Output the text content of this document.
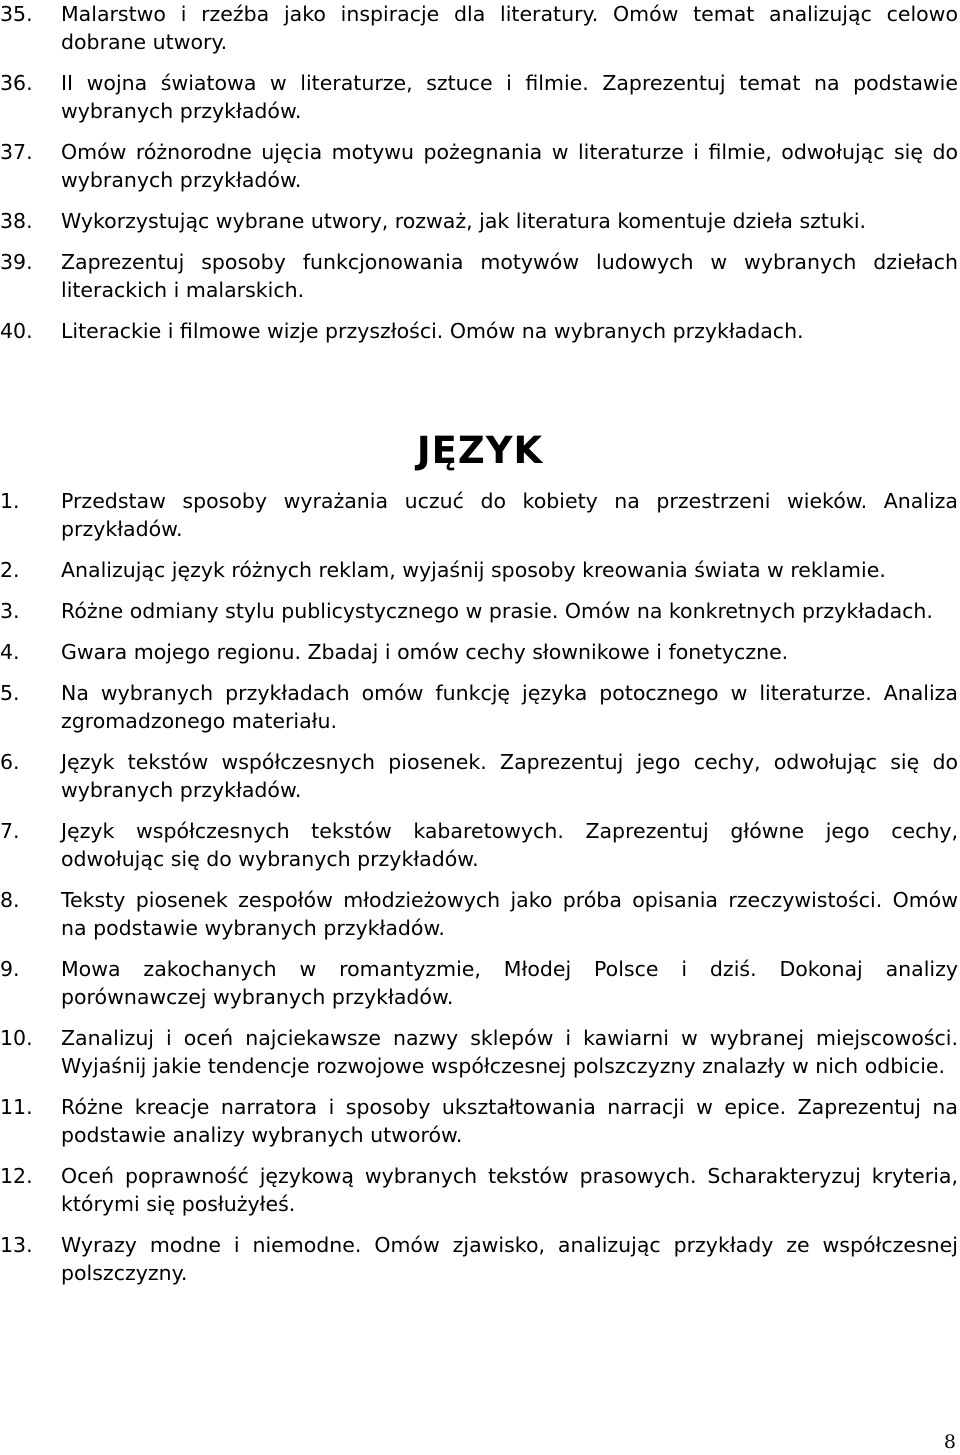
35.	Malarstwo i rzeźba jako inspiracje dla literatury. Omów temat analizując celowo dobrane utwory.
36.	II wojna światowa w literaturze, sztuce i filmie. Zaprezentuj temat na podstawie wybranych przykładów.
37.	Omów różnorodne ujęcia motywu pożegnania w literaturze i filmie, odwołując się do wybranych przykładów.
38.	Wykorzystując wybrane utwory, rozważ, jak literatura komentuje dzieła sztuki.
39.	Zaprezentuj sposoby funkcjonowania motywów ludowych w wybranych dziełach literackich i malarskich.
40.	Literackie i filmowe wizje przyszłości. Omów na wybranych przykładach.
JĘZYK
1.	Przedstaw sposoby wyrażania uczuć do kobiety na przestrzeni wieków. Analiza przykładów.
2.	Analizując język różnych reklam, wyjaśnij sposoby kreowania świata w reklamie.
3.	Różne odmiany stylu publicystycznego w prasie. Omów na konkretnych przykładach.
4.	Gwara mojego regionu. Zbadaj i omów cechy słownikowe i fonetyczne.
5.	Na wybranych przykładach omów funkcję języka potocznego w literaturze. Analiza zgromadzonego materiału.
6.	Język tekstów współczesnych piosenek. Zaprezentuj jego cechy, odwołując się do wybranych przykładów.
7.	Język współczesnych tekstów kabaretowych. Zaprezentuj główne jego cechy, odwołując się do wybranych przykładów.
8.	Teksty piosenek zespołów młodzieżowych jako próba opisania rzeczywistości. Omów na podstawie wybranych przykładów.
9.	Mowa zakochanych w romantyzmie, Młodej Polsce i dziś. Dokonaj analizy porównawczej wybranych przykładów.
10.	Zanalizuj i oceń najciekawsze nazwy sklepów i kawiarni w wybranej miejscowości. Wyjaśnij jakie tendencje rozwojowe współczesnej polszczyzny znalazły w nich odbicie.
11.	Różne kreacje narratora i sposoby ukształtowania narracji w epice. Zaprezentuj na podstawie analizy wybranych utworów.
12.	Oceń poprawność językową wybranych tekstów prasowych. Scharakteryzuj kryteria, którymi się posłużyłeś.
13.	Wyrazy modne i niemodne. Omów zjawisko, analizując przykłady ze współczesnej polszczyzny.
8
